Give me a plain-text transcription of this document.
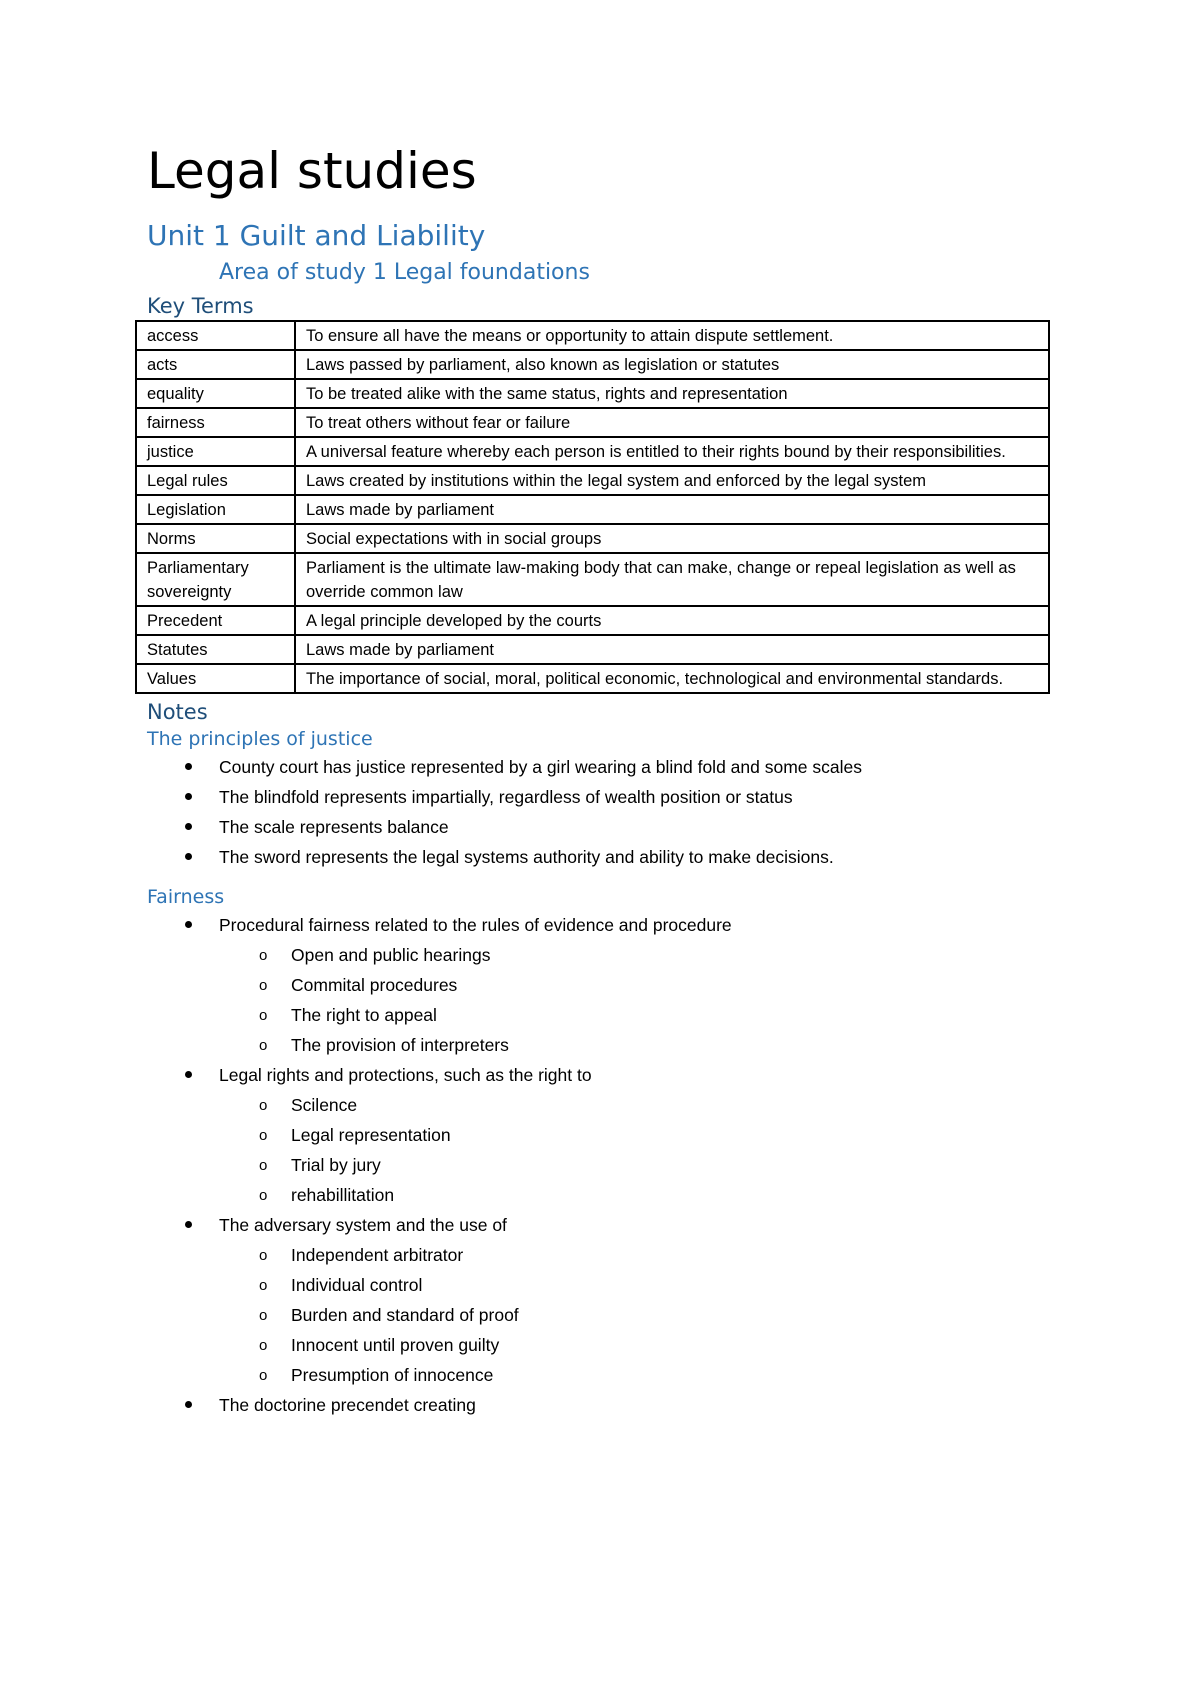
Legal studies
Unit 1 Guilt and Liability
Area of study 1 Legal foundations
Key Terms
access	To ensure all have the means or opportunity to attain dispute settlement.
acts	Laws passed by parliament, also known as legislation or statutes
equality	To be treated alike with the same status, rights and representation
fairness	To treat others without fear or failure
justice	A universal feature whereby each person is entitled to their rights bound by their responsibilities.
Legal rules	Laws created by institutions within the legal system and enforced by the legal system
Legislation	Laws made by parliament
Norms	Social expectations with in social groups
Parliamentary sovereignty	Parliament is the ultimate law-making body that can make, change or repeal legislation as well as override common law
Precedent	A legal principle developed by the courts
Statutes	Laws made by parliament
Values	The importance of social, moral, political economic, technological and environmental standards.
Notes
The principles of justice
County court has justice represented by a girl wearing a blind fold and some scales
The blindfold represents impartially, regardless of wealth position or status
The scale represents balance
The sword represents the legal systems authority and ability to make decisions.
Fairness
Procedural fairness related to the rules of evidence and procedure
o Open and public hearings
o Commital procedures
o The right to appeal
o The provision of interpreters
Legal rights and protections, such as the right to
o Scilence
o Legal representation
o Trial by jury
o rehabillitation
The adversary system and the use of
o Independent arbitrator
o Individual control
o Burden and standard of proof
o Innocent until proven guilty
o Presumption of innocence
The doctorine precendet creating
